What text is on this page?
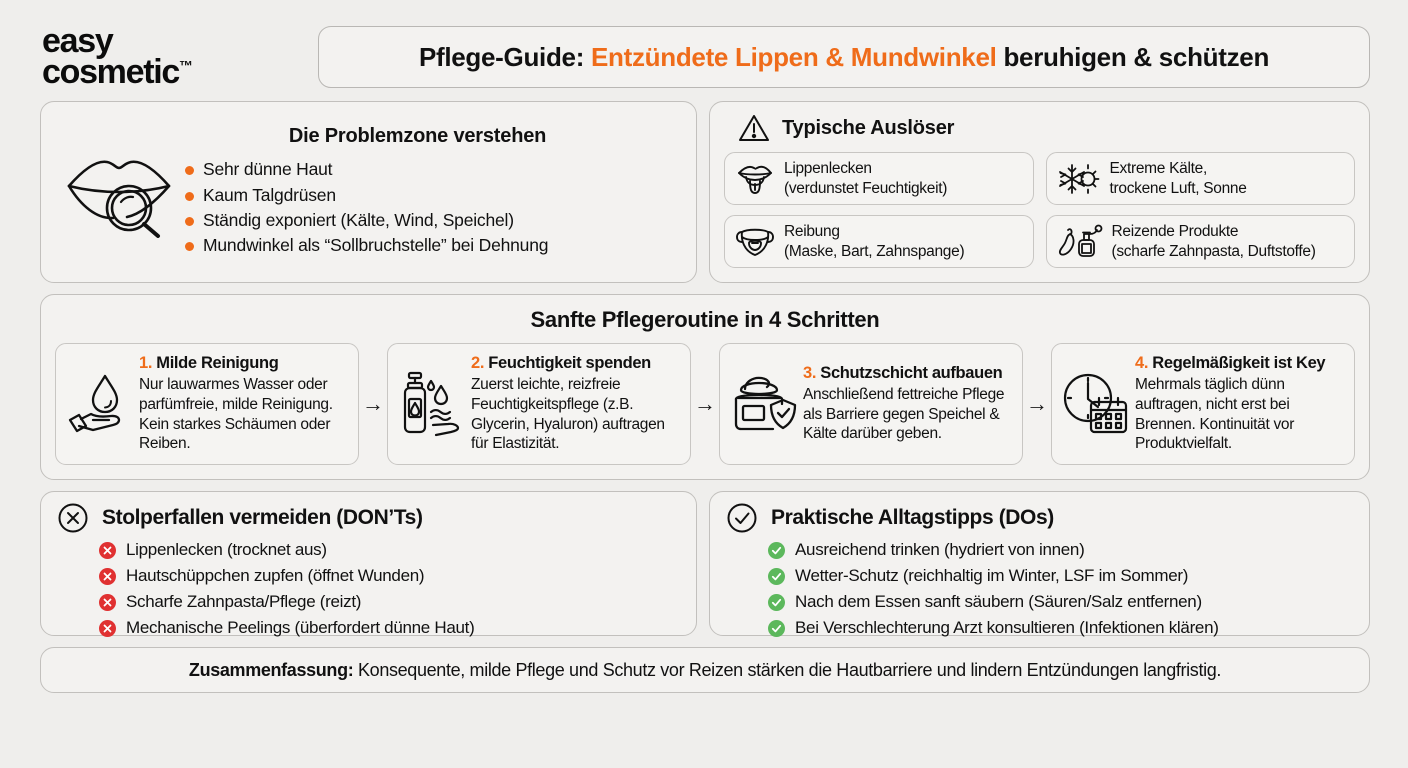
easy
cosmetic™	Pflege-Guide: Entzündete Lippen & Mundwinkel beruhigen & schützen
Die Problemzone verstehen
Sehr dünne Haut
Kaum Talgdrüsen
Ständig exponiert (Kälte, Wind, Speichel)
Mundwinkel als “Sollbruchstelle” bei Dehnung
Typische Auslöser
Lippenlecken
(verdunstet Feuchtigkeit)
Extreme Kälte,
trockene Luft, Sonne
Reibung
(Maske, Bart, Zahnspange)
Reizende Produkte
(scharfe Zahnpasta, Duftstoffe)
Sanfte Pflegeroutine in 4 Schritten
1. Milde Reinigung
Nur lauwarmes Wasser oder parfümfreie, milde Reinigung. Kein starkes Schäumen oder Reiben.
→
2. Feuchtigkeit spenden
Zuerst leichte, reizfreie Feuchtigkeitspflege (z.B. Glycerin, Hyaluron) auftragen für Elastizität.
→
3. Schutzschicht aufbauen
Anschließend fettreiche Pflege als Barriere gegen Speichel & Kälte darüber geben.
→
4. Regelmäßigkeit ist Key
Mehrmals täglich dünn auftragen, nicht erst bei Brennen. Kontinuität vor Produktvielfalt.
Stolperfallen vermeiden (DON’Ts)
Lippenlecken (trocknet aus)
Hautschüppchen zupfen (öffnet Wunden)
Scharfe Zahnpasta/Pflege (reizt)
Mechanische Peelings (überfordert dünne Haut)
Praktische Alltagstipps (DOs)
Ausreichend trinken (hydriert von innen)
Wetter-Schutz (reichhaltig im Winter, LSF im Sommer)
Nach dem Essen sanft säubern (Säuren/Salz entfernen)
Bei Verschlechterung Arzt konsultieren (Infektionen klären)
Zusammenfassung: Konsequente, milde Pflege und Schutz vor Reizen stärken die Hautbarriere und lindern Entzündungen langfristig.
